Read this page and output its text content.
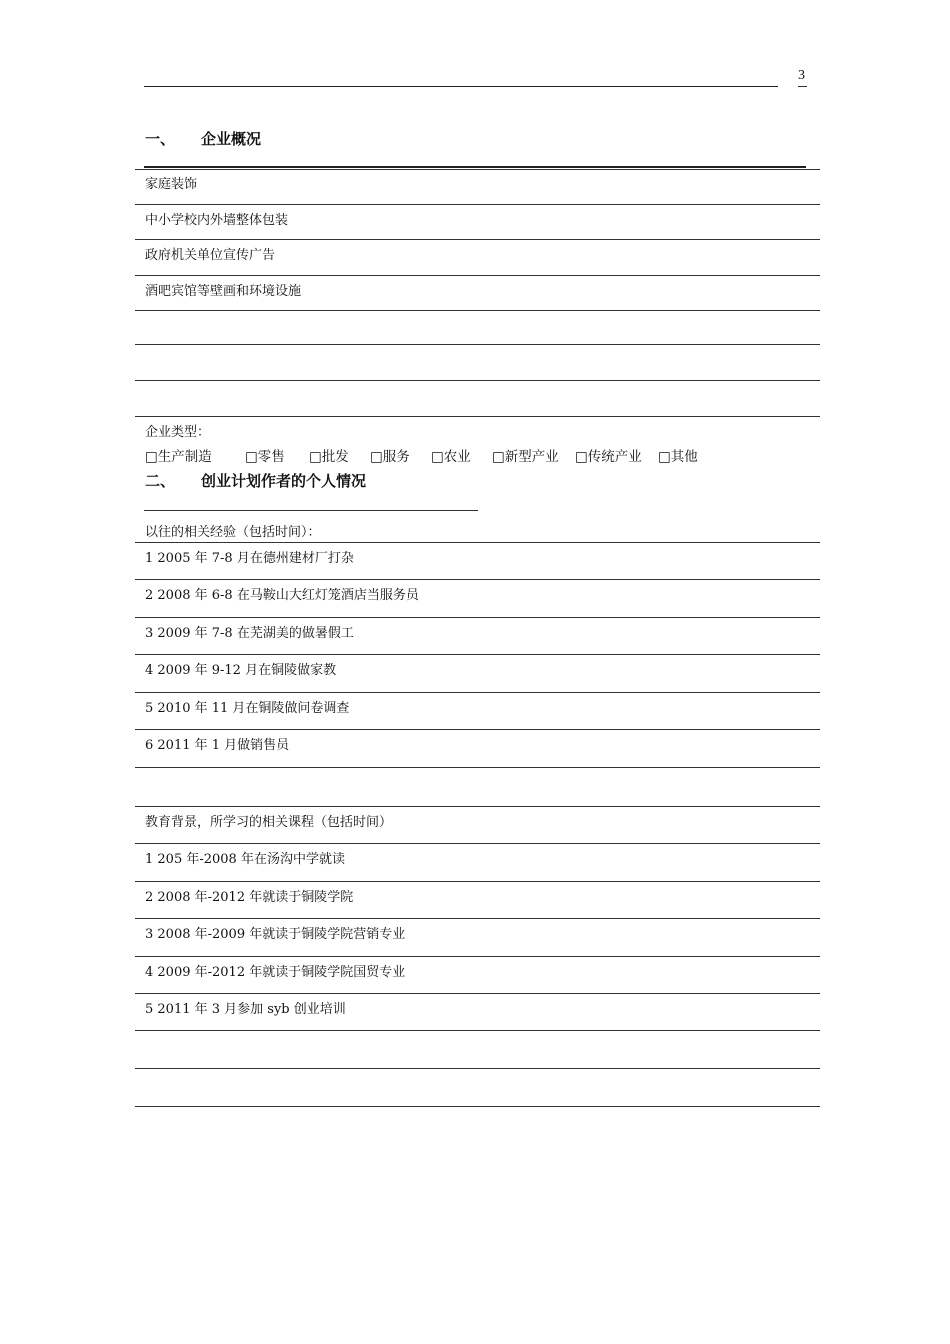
3
一、 企业概况
家庭装饰
中小学校内外墙整体包装
政府机关单位宣传广告
酒吧宾馆等壁画和环境设施
企业类型：
□生产制造	□零售	□批发	□服务	□农业	□新型产业	□传统产业	□其他
二、 创业计划作者的个人情况
以往的相关经验（包括时间）：
1 2005 年 7-8 月在德州建材厂打杂
2 2008 年 6-8 在马鞍山大红灯笼酒店当服务员
3 2009 年 7-8 在芜湖美的做暑假工
4 2009 年 9-12 月在铜陵做家教
5 2010 年 11 月在铜陵做问卷调查
6 2011 年 1 月做销售员
教育背景，所学习的相关课程（包括时间）
1 205 年-2008 年在汤沟中学就读
2 2008 年-2012 年就读于铜陵学院
3 2008 年-2009 年就读于铜陵学院营销专业
4 2009 年-2012 年就读于铜陵学院国贸专业
5 2011 年 3 月参加 syb 创业培训
